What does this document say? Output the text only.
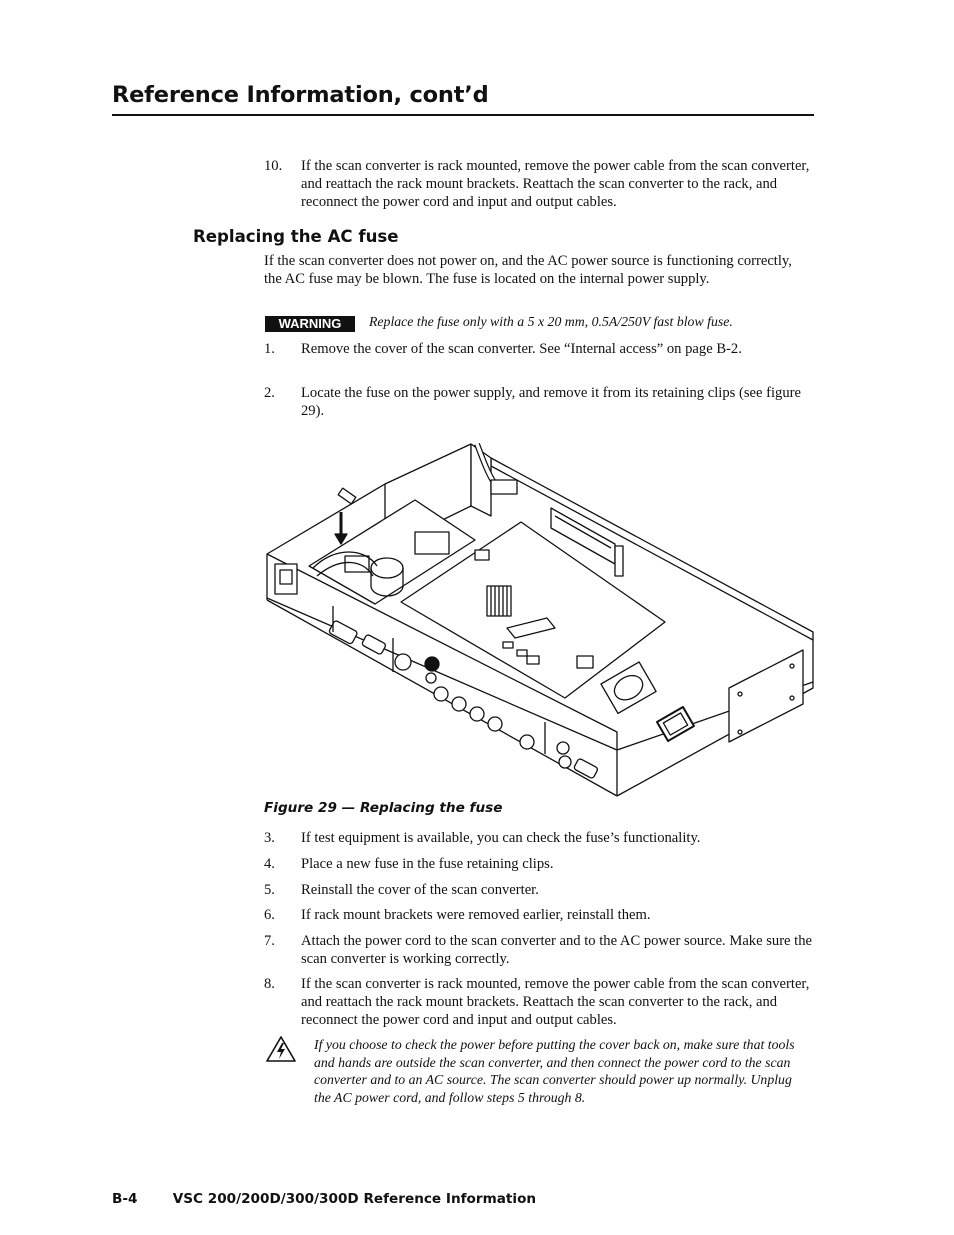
Reference Information, cont’d
10. If the scan converter is rack mounted, remove the power cable from the scan converter, and reattach the rack mount brackets. Reattach the scan converter to the rack, and reconnect the power cord and input and output cables.
Replacing the AC fuse
If the scan converter does not power on, and the AC power source is functioning correctly, the AC fuse may be blown. The fuse is located on the internal power supply.
WARNING	Replace the fuse only with a 5 x 20 mm, 0.5A/250V fast blow fuse.
1. Remove the cover of the scan converter. See “Internal access” on page B-2.
2. Locate the fuse on the power supply, and remove it from its retaining clips (see figure 29).
Figure 29 — Replacing the fuse
3. If test equipment is available, you can check the fuse’s functionality.
4. Place a new fuse in the fuse retaining clips.
5. Reinstall the cover of the scan converter.
6. If rack mount brackets were removed earlier, reinstall them.
7. Attach the power cord to the scan converter and to the AC power source. Make sure the scan converter is working correctly.
8. If the scan converter is rack mounted, remove the power cable from the scan converter, and reattach the rack mount brackets. Reattach the scan converter to the rack, and reconnect the power cord and input and output cables.
If you choose to check the power before putting the cover back on, make sure that tools and hands are outside the scan converter, and then connect the power cord to the scan converter and to an AC source. The scan converter should power up normally. Unplug the AC power cord, and follow steps 5 through 8.
B-4	VSC 200/200D/300/300D Reference Information
